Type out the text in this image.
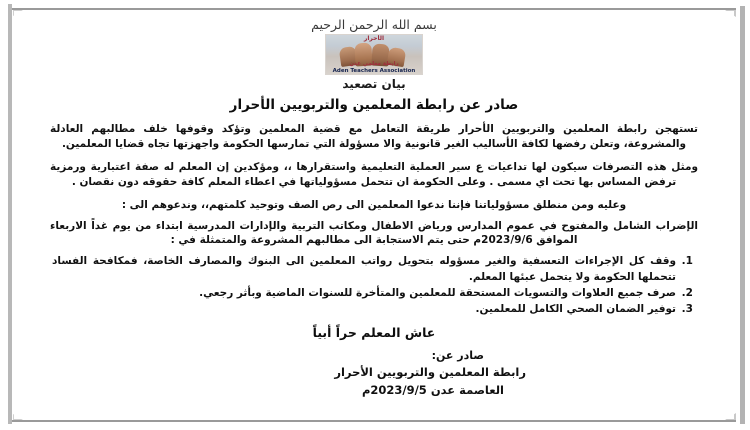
بسم الله الرحمن الرحيم
الأحرار
رابطة معلمي عدن
Aden Teachers Association
بيان تصعيد
صادر عن رابطة المعلمين والتربويين الأحرار

تستهجن رابطة المعلمين والتربويين الأحرار طريقة التعامل مع قضية المعلمين وتؤكد وقوفها خلف مطالبهم العادلة والمشروعة، وتعلن رفضها لكافة الأساليب الغير قانونية والا مسؤولة التي تمارسها الحكومة واجهزتها تجاه قضايا المعلمين.

ومثل هذه التصرفات سيكون لها تداعيات ع سير العملية التعليمية واستقرارها ،، ومؤكدين إن المعلم له صفة اعتبارية ورمزية ترفض المساس بها تحت اي مسمى . وعلى الحكومة ان تتحمل مسؤولياتها في اعطاء المعلم كافة حقوقه دون نقصان .

وعليه ومن منطلق مسؤولياتنا فإننا ندعوا المعلمين الى رص الصف وتوحيد كلمتهم،، وندعوهم الى :

الإضراب الشامل والمفتوح في عموم المدارس ورياض الاطفال ومكاتب التربية والإدارات المدرسية ابتداء من يوم غداً الاربعاء الموافق 2023/9/6م حتى يتم الاستجابة الى مطالبهم المشروعة والمتمثلة في :

1. وقف كل الإجراءات التعسفية والغير مسؤوله بتحويل رواتب المعلمين الى البنوك والمصارف الخاصة، فمكافحة الفساد تتحملها الحكومة ولا يتحمل عبئها المعلم.
2. صرف جميع العلاوات والتسويات المستحقة للمعلمين والمتأخرة للسنوات الماضية وبأثر رجعي.
3. توفير الضمان الصحي الكامل للمعلمين.
عاش المعلم حراً أبياً
صادر عن:
رابطة المعلمين والتربويين الأحرار
العاصمة عدن 2023/9/5م
